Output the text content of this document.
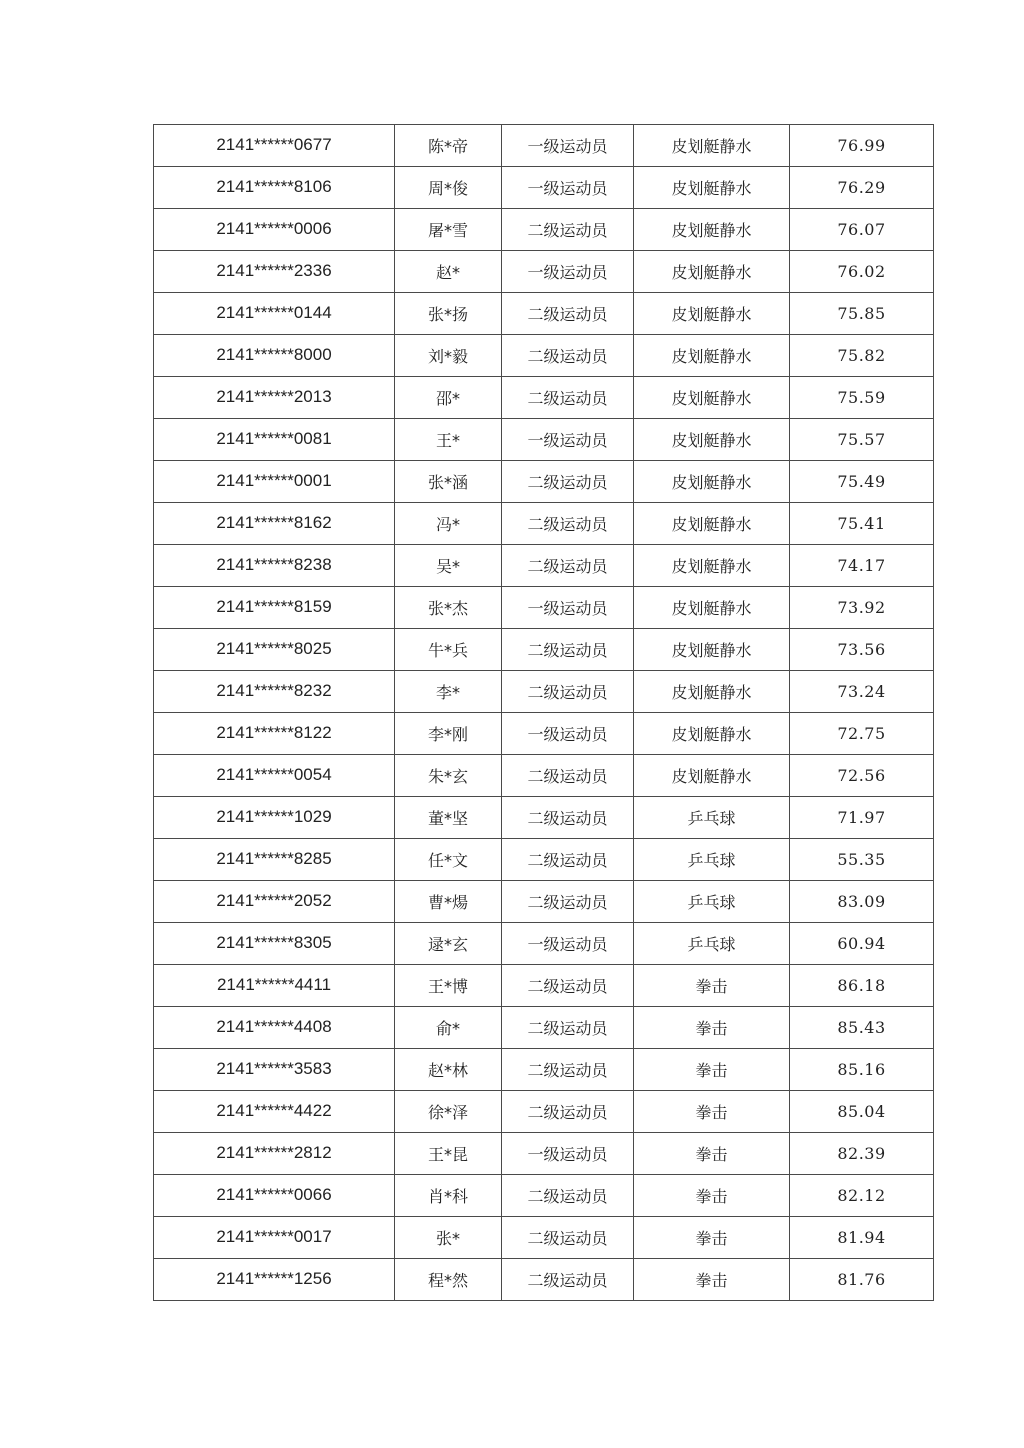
2141******0677	陈*帝	一级运动员	皮划艇静水	76.99
2141******8106	周*俊	一级运动员	皮划艇静水	76.29
2141******0006	屠*雪	二级运动员	皮划艇静水	76.07
2141******2336	赵*	一级运动员	皮划艇静水	76.02
2141******0144	张*扬	二级运动员	皮划艇静水	75.85
2141******8000	刘*毅	二级运动员	皮划艇静水	75.82
2141******2013	邵*	二级运动员	皮划艇静水	75.59
2141******0081	王*	一级运动员	皮划艇静水	75.57
2141******0001	张*涵	二级运动员	皮划艇静水	75.49
2141******8162	冯*	二级运动员	皮划艇静水	75.41
2141******8238	吴*	二级运动员	皮划艇静水	74.17
2141******8159	张*杰	一级运动员	皮划艇静水	73.92
2141******8025	牛*兵	二级运动员	皮划艇静水	73.56
2141******8232	李*	二级运动员	皮划艇静水	73.24
2141******8122	李*刚	一级运动员	皮划艇静水	72.75
2141******0054	朱*玄	二级运动员	皮划艇静水	72.56
2141******1029	董*坚	二级运动员	乒乓球	71.97
2141******8285	任*文	二级运动员	乒乓球	55.35
2141******2052	曹*煬	二级运动员	乒乓球	83.09
2141******8305	逯*玄	一级运动员	乒乓球	60.94
2141******4411	王*博	二级运动员	拳击	86.18
2141******4408	俞*	二级运动员	拳击	85.43
2141******3583	赵*林	二级运动员	拳击	85.16
2141******4422	徐*泽	二级运动员	拳击	85.04
2141******2812	王*昆	一级运动员	拳击	82.39
2141******0066	肖*科	二级运动员	拳击	82.12
2141******0017	张*	二级运动员	拳击	81.94
2141******1256	程*然	二级运动员	拳击	81.76
